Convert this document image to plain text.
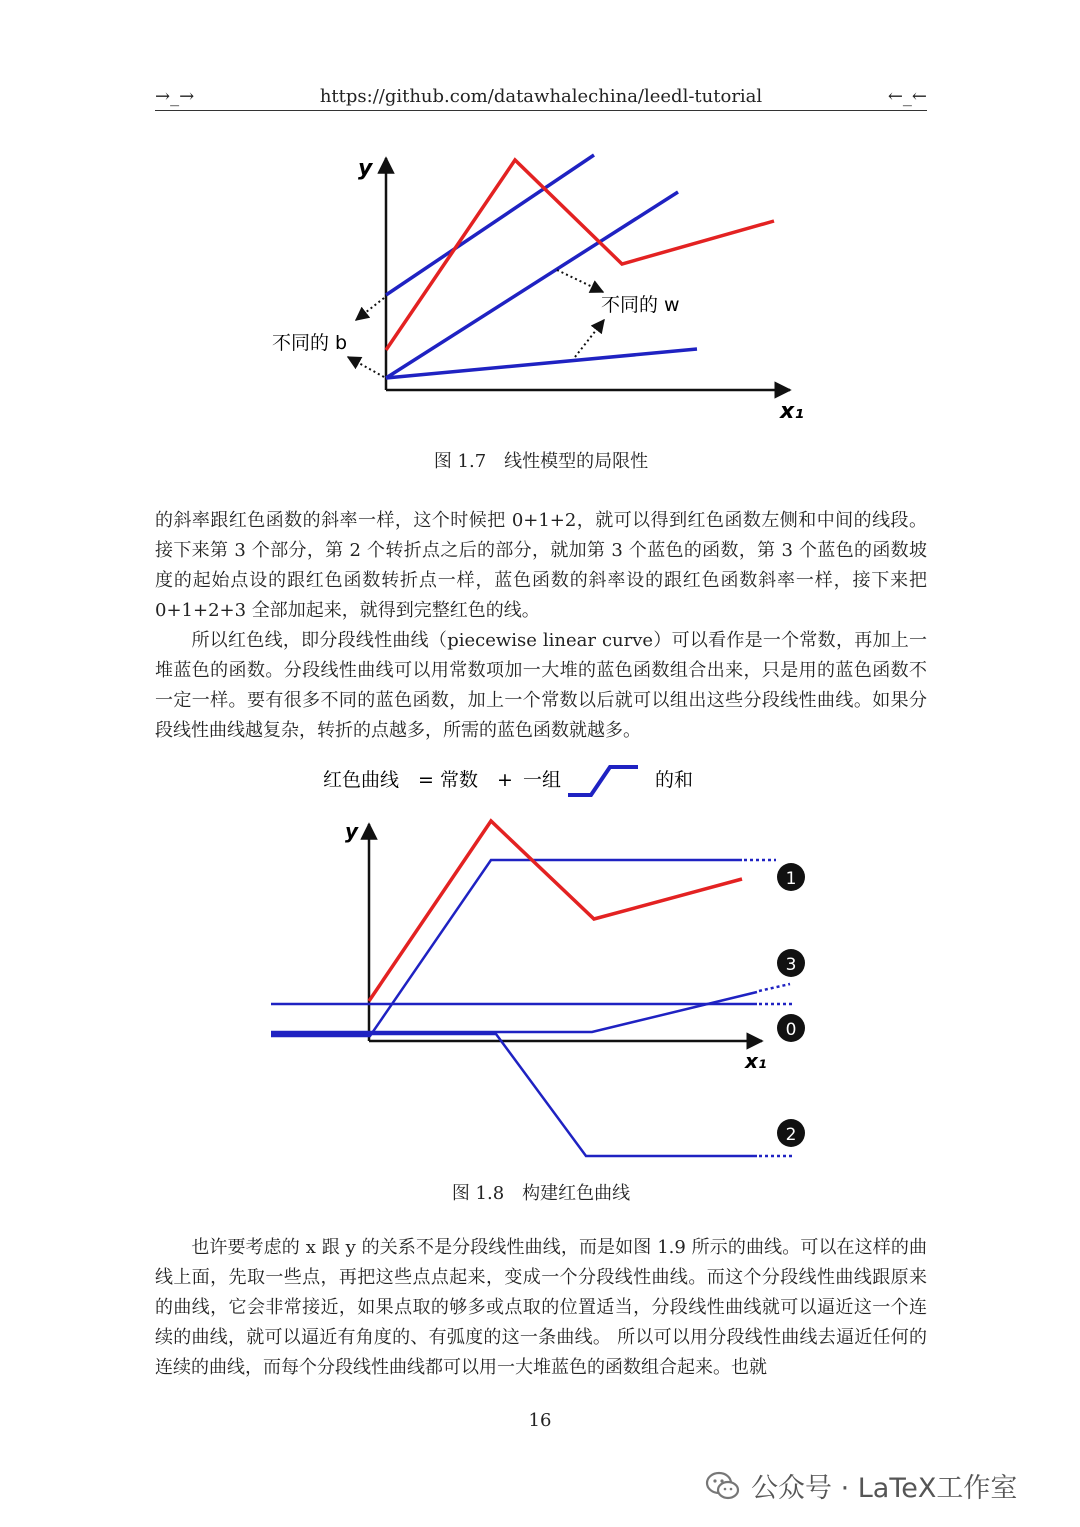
→_→	https://github.com/datawhalechina/leedl-tutorial	←_←
y
x₁
不同的 b
不同的 w
图 1.7　线性模型的局限性

的斜率跟红色函数的斜率一样，这个时候把 0+1+2，就可以得到红色函数左侧和中间的线段。接下来第 3 个部分，第 2 个转折点之后的部分，就加第 3 个蓝色的函数，第 3 个蓝色的函数坡度的起始点设的跟红色函数转折点一样，蓝色函数的斜率设的跟红色函数斜率一样，接下来把 0+1+2+3 全部加起来，就得到完整红色的线。

　　所以红色线，即分段线性曲线（piecewise linear curve）可以看作是一个常数，再加上一堆蓝色的函数。分段线性曲线可以用常数项加一大堆的蓝色函数组合出来，只是用的蓝色函数不一定一样。要有很多不同的蓝色函数，加上一个常数以后就可以组出这些分段线性曲线。如果分段线性曲线越复杂，转折的点越多，所需的蓝色函数就越多。

红色曲线 = 常数 + 一组	的和
y
x₁
1
3
0
2
图 1.8　构建红色曲线

　　也许要考虑的 x 跟 y 的关系不是分段线性曲线，而是如图 1.9 所示的曲线。可以在这样的曲线上面，先取一些点，再把这些点点起来，变成一个分段线性曲线。而这个分段线性曲线跟原来的曲线，它会非常接近，如果点取的够多或点取的位置适当，分段线性曲线就可以逼近这一个连续的曲线，就可以逼近有角度的、有弧度的这一条曲线。 所以可以用分段线性曲线去逼近任何的连续的曲线，而每个分段线性曲线都可以用一大堆蓝色的函数组合起来。也就

16
公众号 · LaTeX工作室
